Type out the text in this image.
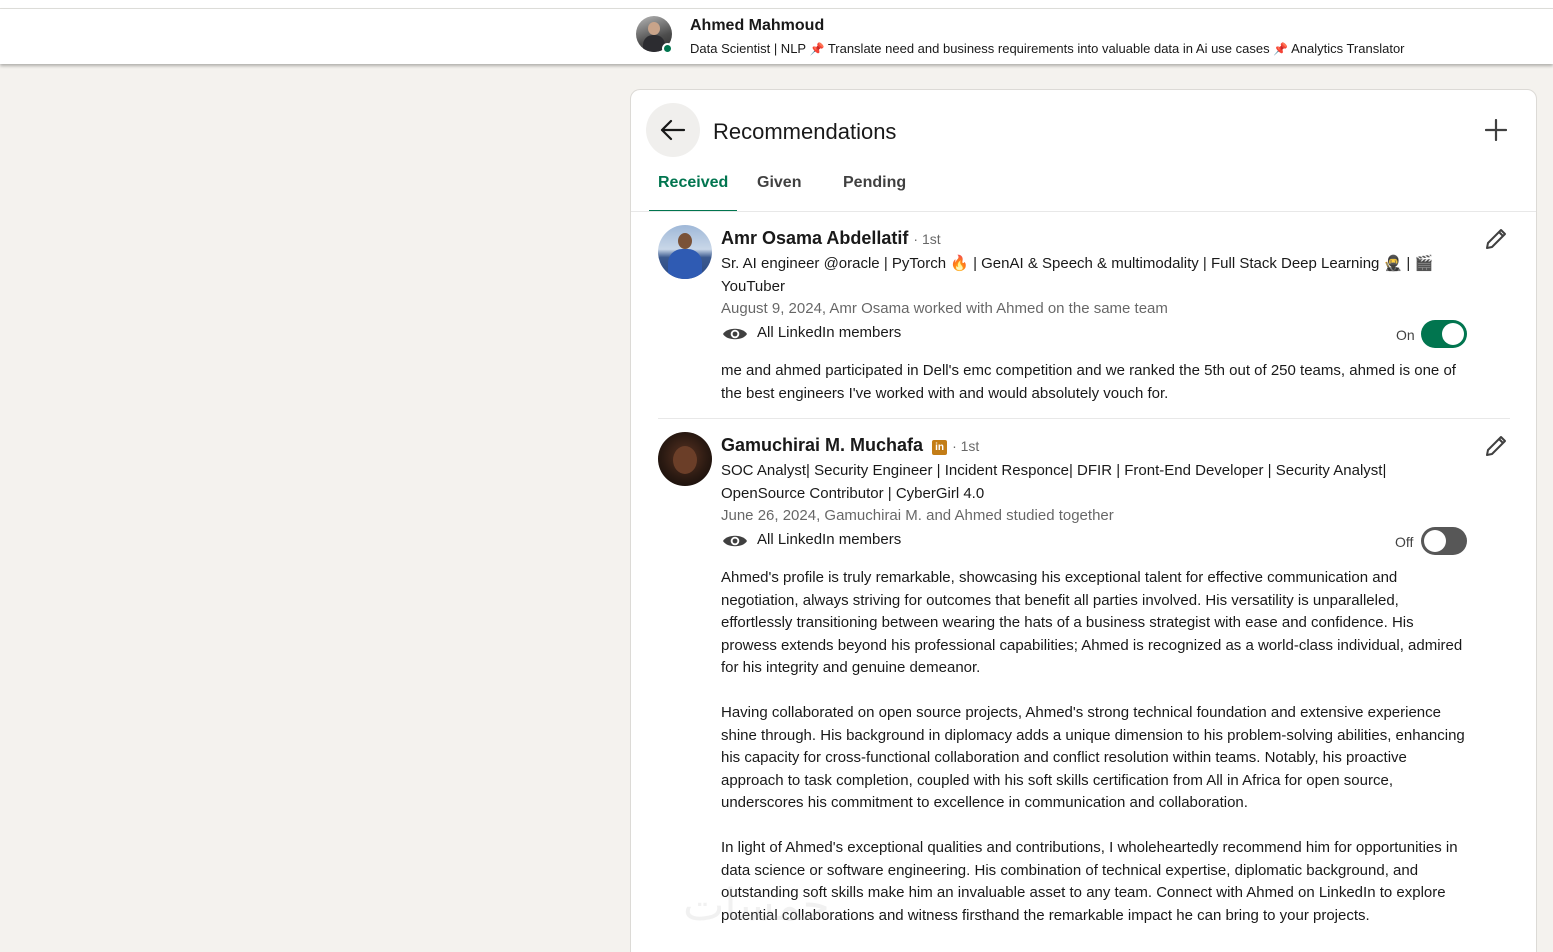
Ahmed Mahmoud
Data Scientist | NLP 📌 Translate need and business requirements into valuable data in Ai use cases 📌 Analytics Translator
Recommendations
Received	Given	Pending
Amr Osama Abdellatif · 1st
Sr. AI engineer @oracle | PyTorch 🔥 | GenAI & Speech & multimodality | Full Stack Deep Learning 🥷 | 🎬 YouTuber
August 9, 2024, Amr Osama worked with Ahmed on the same team
All LinkedIn members	On
me and ahmed participated in Dell's emc competition and we ranked the 5th out of 250 teams, ahmed is one of the best engineers I've worked with and would absolutely vouch for.
Gamuchirai M. Muchafa in · 1st
SOC Analyst| Security Engineer | Incident Responce| DFIR | Front-End Developer | Security Analyst| OpenSource Contributor | CyberGirl 4.0
June 26, 2024, Gamuchirai M. and Ahmed studied together
All LinkedIn members	Off
Ahmed's profile is truly remarkable, showcasing his exceptional talent for effective communication and negotiation, always striving for outcomes that benefit all parties involved. His versatility is unparalleled, effortlessly transitioning between wearing the hats of a business strategist with ease and confidence. His prowess extends beyond his professional capabilities; Ahmed is recognized as a world-class individual, admired for his integrity and genuine demeanor.
Having collaborated on open source projects, Ahmed's strong technical foundation and extensive experience shine through. His background in diplomacy adds a unique dimension to his problem-solving abilities, enhancing his capacity for cross-functional collaboration and conflict resolution within teams. Notably, his proactive approach to task completion, coupled with his soft skills certification from All in Africa for open source, underscores his commitment to excellence in communication and collaboration.
In light of Ahmed's exceptional qualities and contributions, I wholeheartedly recommend him for opportunities in data science or software engineering. His combination of technical expertise, diplomatic background, and outstanding soft skills make him an invaluable asset to any team. Connect with Ahmed on LinkedIn to explore potential collaborations and witness firsthand the remarkable impact he can bring to your projects.
